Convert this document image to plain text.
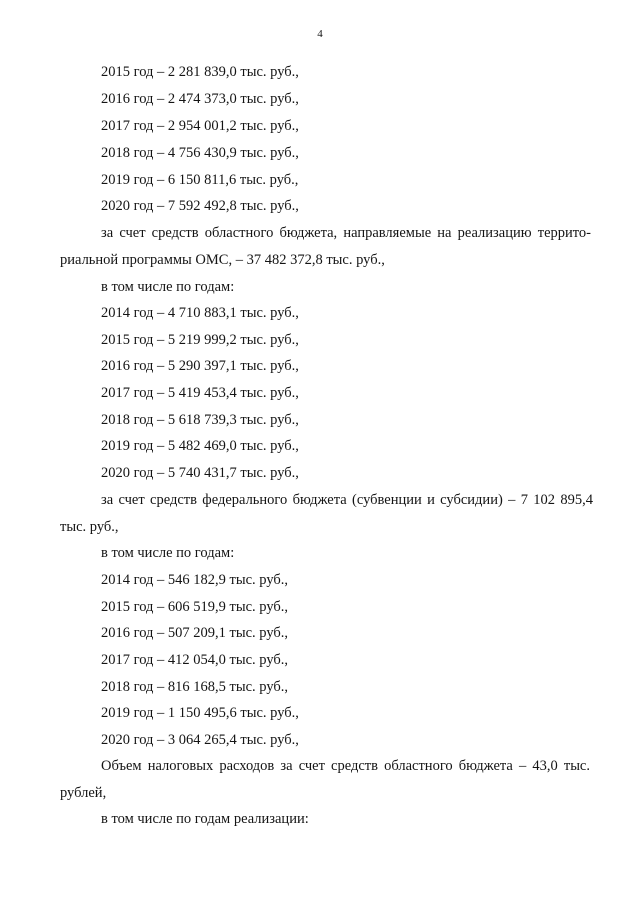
4
2015 год – 2 281 839,0 тыс. руб.,
2016 год – 2 474 373,0 тыс. руб.,
2017 год – 2 954 001,2 тыс. руб.,
2018 год – 4 756 430,9 тыс. руб.,
2019 год – 6 150 811,6 тыс. руб.,
2020 год – 7 592 492,8 тыс. руб.,
за счет средств областного бюджета, направляемые на реализацию террито-
риальной программы ОМС, – 37 482 372,8 тыс. руб.,
в том числе по годам:
2014 год – 4 710 883,1 тыс. руб.,
2015 год – 5 219 999,2 тыс. руб.,
2016 год – 5 290 397,1 тыс. руб.,
2017 год – 5 419 453,4 тыс. руб.,
2018 год – 5 618 739,3 тыс. руб.,
2019 год – 5 482 469,0 тыс. руб.,
2020 год – 5 740 431,7 тыс. руб.,
за счет средств федерального бюджета (субвенции и субсидии) – 7 102 895,4
тыс. руб.,
в том числе по годам:
2014 год – 546 182,9 тыс. руб.,
2015 год – 606 519,9 тыс. руб.,
2016 год – 507 209,1 тыс. руб.,
2017 год – 412 054,0 тыс. руб.,
2018 год – 816 168,5 тыс. руб.,
2019 год – 1 150 495,6 тыс. руб.,
2020 год – 3 064 265,4 тыс. руб.,
Объем налоговых расходов за счет средств областного бюджета – 43,0 тыс.
рублей,
в том числе по годам реализации:
